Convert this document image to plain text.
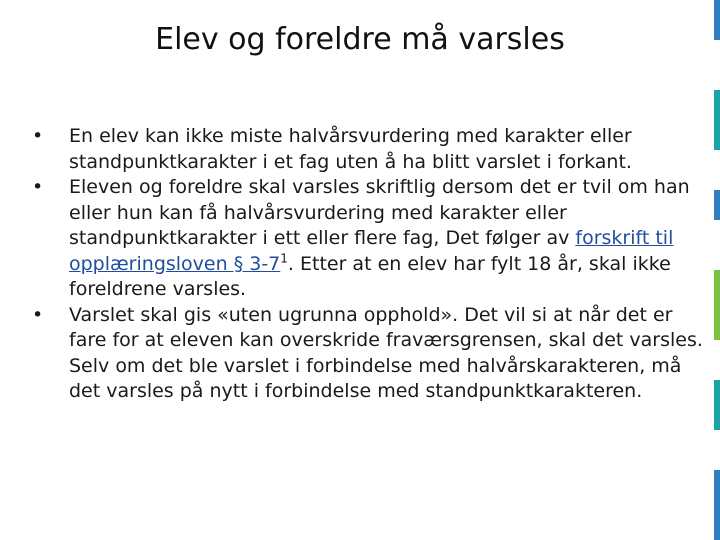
Elev og foreldre må varsles
• En elev kan ikke miste halvårsvurdering med karakter eller standpunktkarakter i et fag uten å ha blitt varslet i forkant.
• Eleven og foreldre skal varsles skriftlig dersom det er tvil om han eller hun kan få halvårsvurdering med karakter eller standpunktkarakter i ett eller flere fag, Det følger av forskrift til opplæringsloven § 3-7$^1$. Etter at en elev har fylt 18 år, skal ikke foreldrene varsles.
• Varslet skal gis «uten ugrunna opphold». Det vil si at når det er fare for at eleven kan overskride fraværsgrensen, skal det varsles. Selv om det ble varslet i forbindelse med halvårskarakteren, må det varsles på nytt i forbindelse med standpunktkarakteren.
